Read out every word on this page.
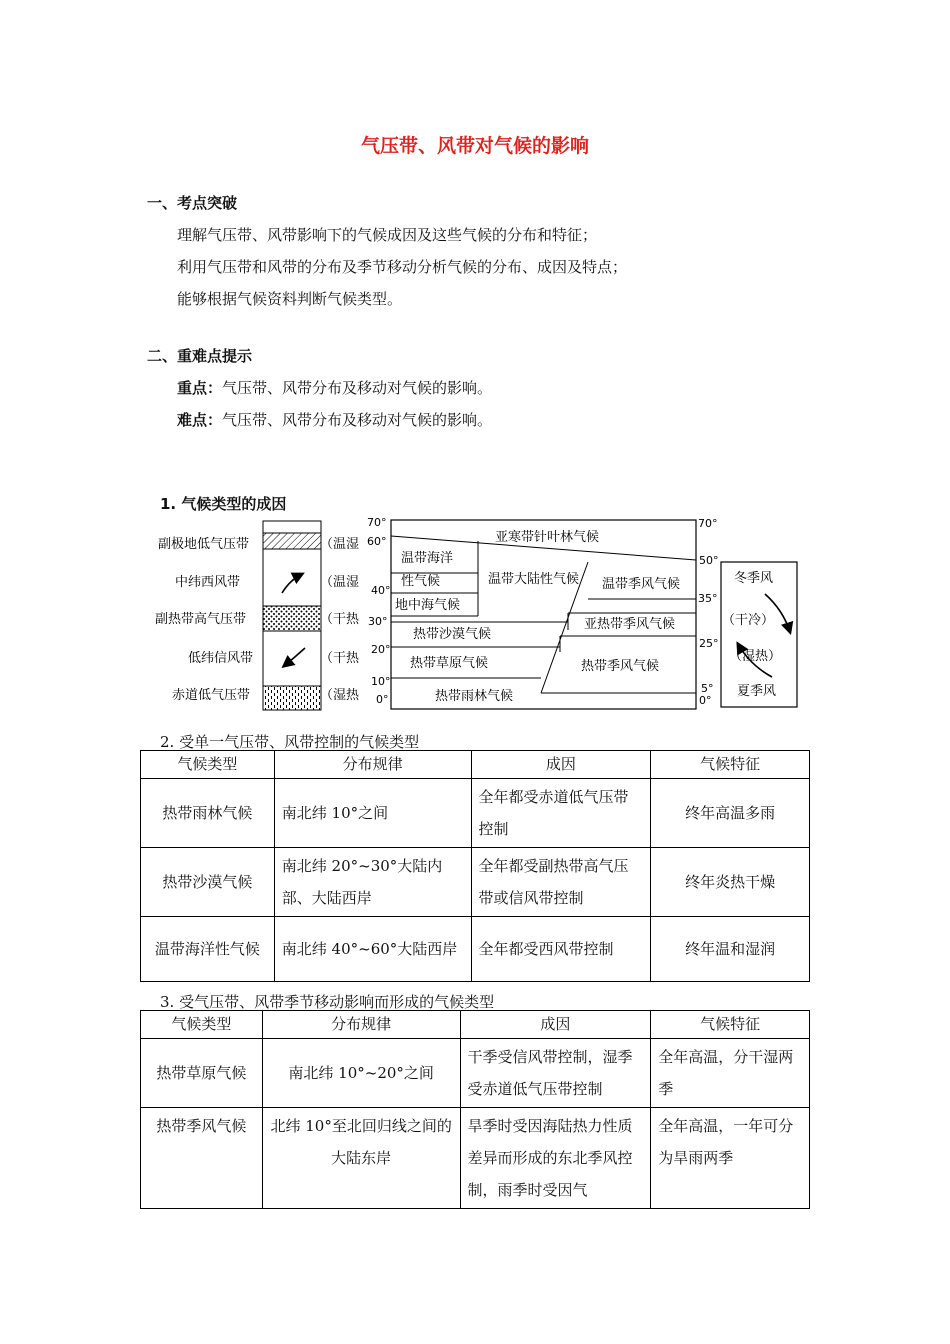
气压带、风带对气候的影响
一、考点突破
理解气压带、风带影响下的气候成因及这些气候的分布和特征；
利用气压带和风带的分布及季节移动分析气候的分布、成因及特点；
能够根据气候资料判断气候类型。
二、重难点提示
重点：气压带、风带分布及移动对气候的影响。
难点：气压带、风带分布及移动对气候的影响。
1. 气候类型的成因
副极地低气压带
中纬西风带
副热带高气压带
低纬信风带
赤道低气压带
（温湿
（温湿
（干热
（干热
（湿热
70°
60°
40°
30°
20°
10°
0°
亚寒带针叶林气候
温带海洋
性气候	温带大陆性气候 温带季风气候
地中海气候
亚热带季风气候
热带沙漠气候
热带草原气候	热带季风气候
热带雨林气候
70°
50°
35°
25°
5°
0°
冬季风
（干冷）
（湿热）
夏季风
2. 受单一气压带、风带控制的气候类型
气候类型	分布规律	成因	气候特征
热带雨林气候	南北纬 10°之间	全年都受赤道低气压带控制	终年高温多雨
热带沙漠气候	南北纬 20°~30°大陆内部、大陆西岸	全年都受副热带高气压带或信风带控制	终年炎热干燥
温带海洋性气候	南北纬 40°~60°大陆西岸	全年都受西风带控制	终年温和湿润
3. 受气压带、风带季节移动影响而形成的气候类型
气候类型	分布规律	成因	气候特征
热带草原气候	南北纬 10°~20°之间	干季受信风带控制，湿季受赤道低气压带控制	全年高温，分干湿两季
热带季风气候	北纬 10°至北回归线之间的大陆东岸	旱季时受因海陆热力性质差异而形成的东北季风控制，雨季时受因气	全年高温，一年可分为旱雨两季
